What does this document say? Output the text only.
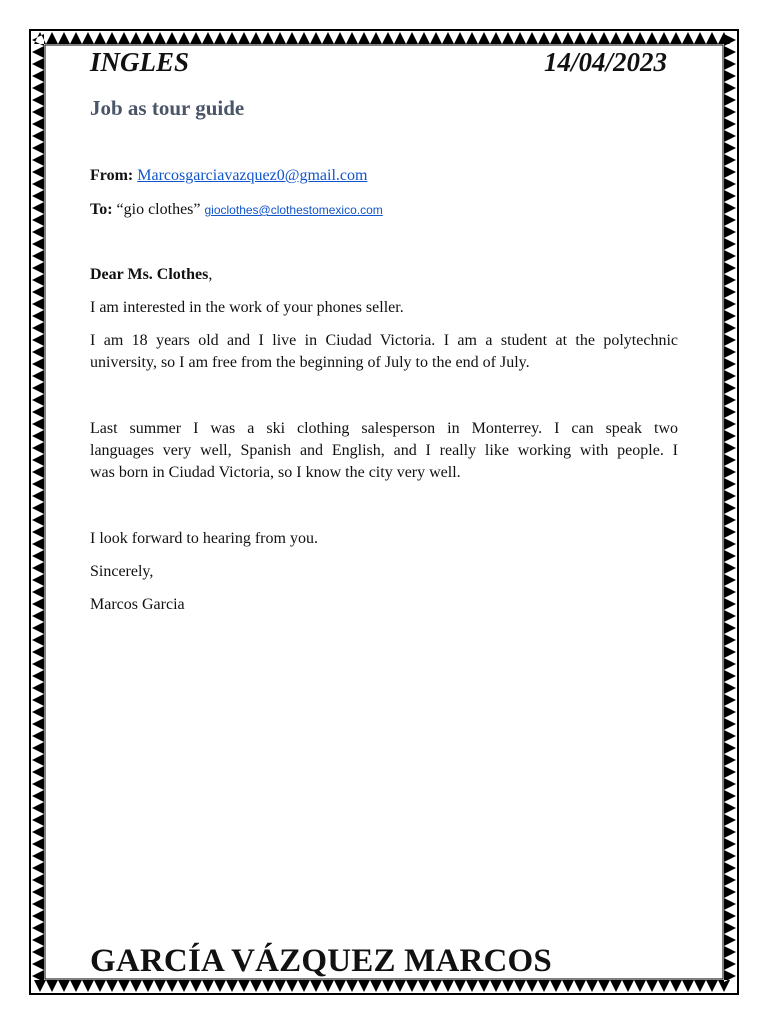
INGLES	14/04/2023
Job as tour guide
From: Marcosgarciavazquez0@gmail.com
To: “gio clothes” gioclothes@clothestomexico.com
Dear Ms. Clothes,
I am interested in the work of your phones seller.
I am 18 years old and I live in Ciudad Victoria. I am a student at the polytechnic
university, so I am free from the beginning of July to the end of July.
Last summer I was a ski clothing salesperson in Monterrey. I can speak two
languages very well, Spanish and English, and I really like working with people. I
was born in Ciudad Victoria, so I know the city very well.
I look forward to hearing from you.
Sincerely,
Marcos Garcia
GARCÍA VÁZQUEZ MARCOS
